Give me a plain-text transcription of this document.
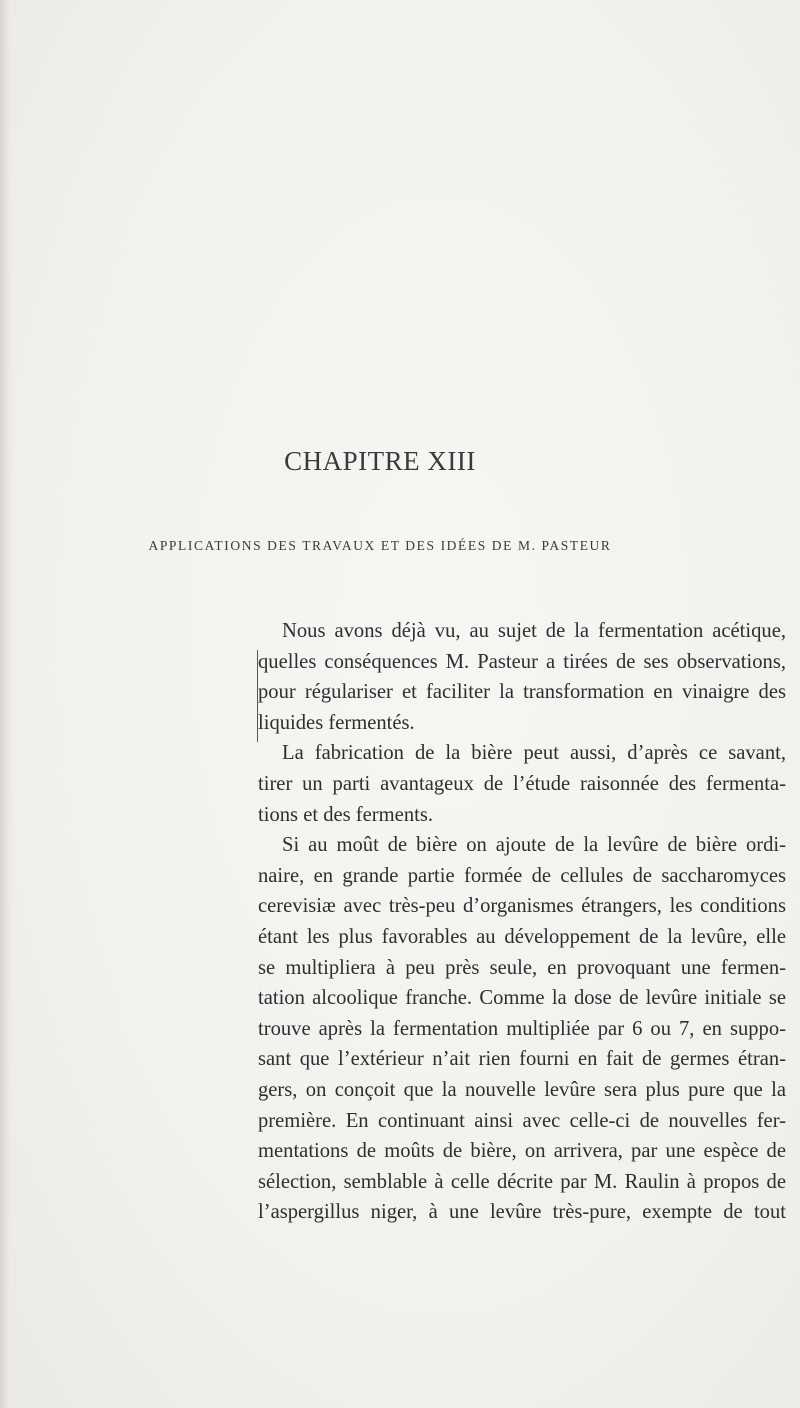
CHAPITRE XIII
APPLICATIONS DES TRAVAUX ET DES IDÉES DE M. PASTEUR
Nous avons déjà vu, au sujet de la fermentation acétique,
quelles conséquences M. Pasteur a tirées de ses observations,
pour régulariser et faciliter la transformation en vinaigre des
liquides fermentés.
La fabrication de la bière peut aussi, d’après ce savant,
tirer un parti avantageux de l’étude raisonnée des fermenta-
tions et des ferments.
Si au moût de bière on ajoute de la levûre de bière ordi-
naire, en grande partie formée de cellules de saccharomyces
cerevisiæ avec très-peu d’organismes étrangers, les conditions
étant les plus favorables au développement de la levûre, elle
se multipliera à peu près seule, en provoquant une fermen-
tation alcoolique franche. Comme la dose de levûre initiale se
trouve après la fermentation multipliée par 6 ou 7, en suppo-
sant que l’extérieur n’ait rien fourni en fait de germes étran-
gers, on conçoit que la nouvelle levûre sera plus pure que la
première. En continuant ainsi avec celle-ci de nouvelles fer-
mentations de moûts de bière, on arrivera, par une espèce de
sélection, semblable à celle décrite par M. Raulin à propos de
l’aspergillus niger, à une levûre très-pure, exempte de tout
